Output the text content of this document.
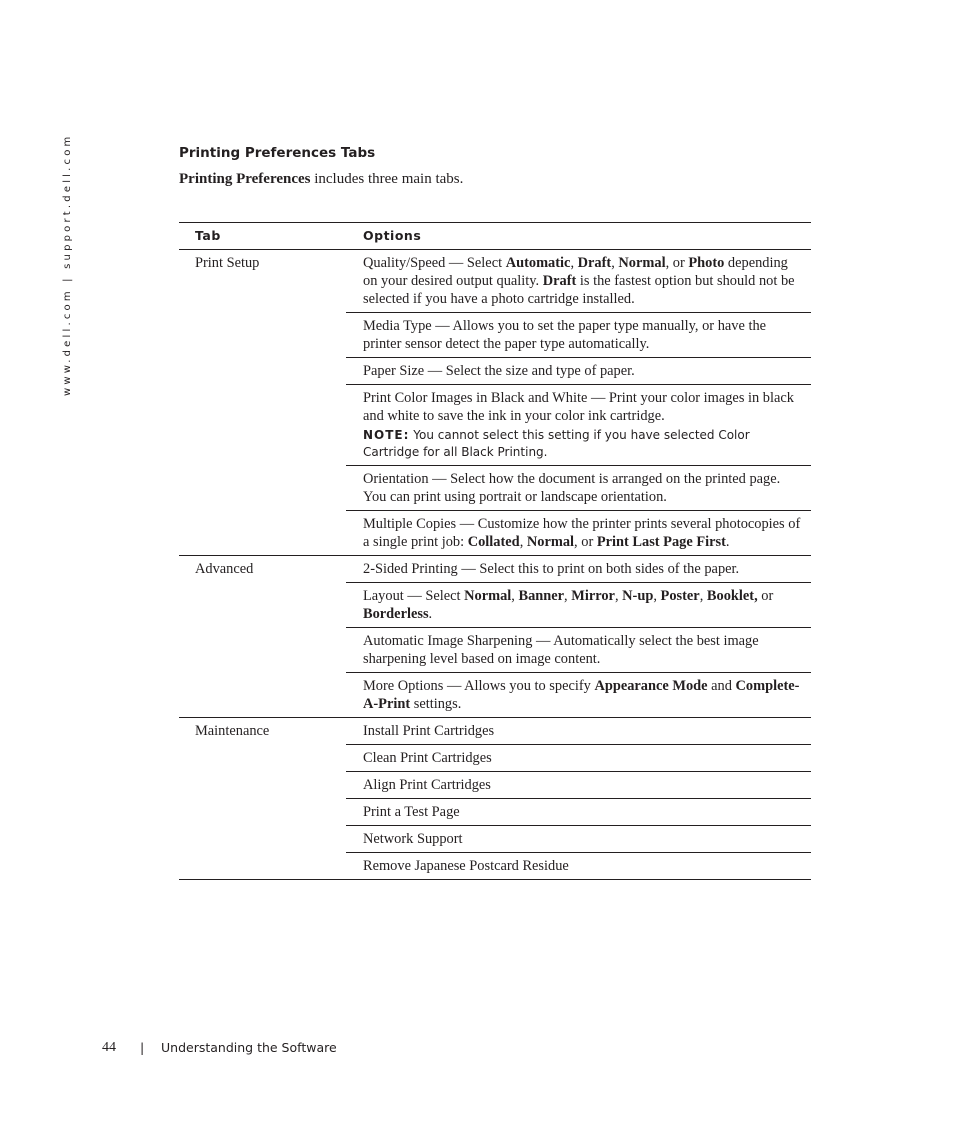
www.dell.com | support.dell.com	Printing Preferences Tabs
Printing Preferences includes three main tabs.
Tab	Options
Print Setup	Quality/Speed — Select Automatic, Draft, Normal, or Photo depending on your desired output quality. Draft is the fastest option but should not be selected if you have a photo cartridge installed.
	Media Type — Allows you to set the paper type manually, or have the printer sensor detect the paper type automatically.
	Paper Size — Select the size and type of paper.
	Print Color Images in Black and White — Print your color images in black and white to save the ink in your color ink cartridge.
NOTE: You cannot select this setting if you have selected Color Cartridge for all Black Printing.

	Orientation — Select how the document is arranged on the printed page. You can print using portrait or landscape orientation.
	Multiple Copies — Customize how the printer prints several photocopies of a single print job: Collated, Normal, or Print Last Page First.
Advanced	2-Sided Printing — Select this to print on both sides of the paper.
	Layout — Select Normal, Banner, Mirror, N-up, Poster, Booklet, or Borderless.
	Automatic Image Sharpening — Automatically select the best image sharpening level based on image content.
	More Options — Allows you to specify Appearance Mode and Complete-A-Print settings.
Maintenance	Install Print Cartridges
	Clean Print Cartridges
	Align Print Cartridges
	Print a Test Page
	Network Support
	Remove Japanese Postcard Residue
44 | Understanding the Software
